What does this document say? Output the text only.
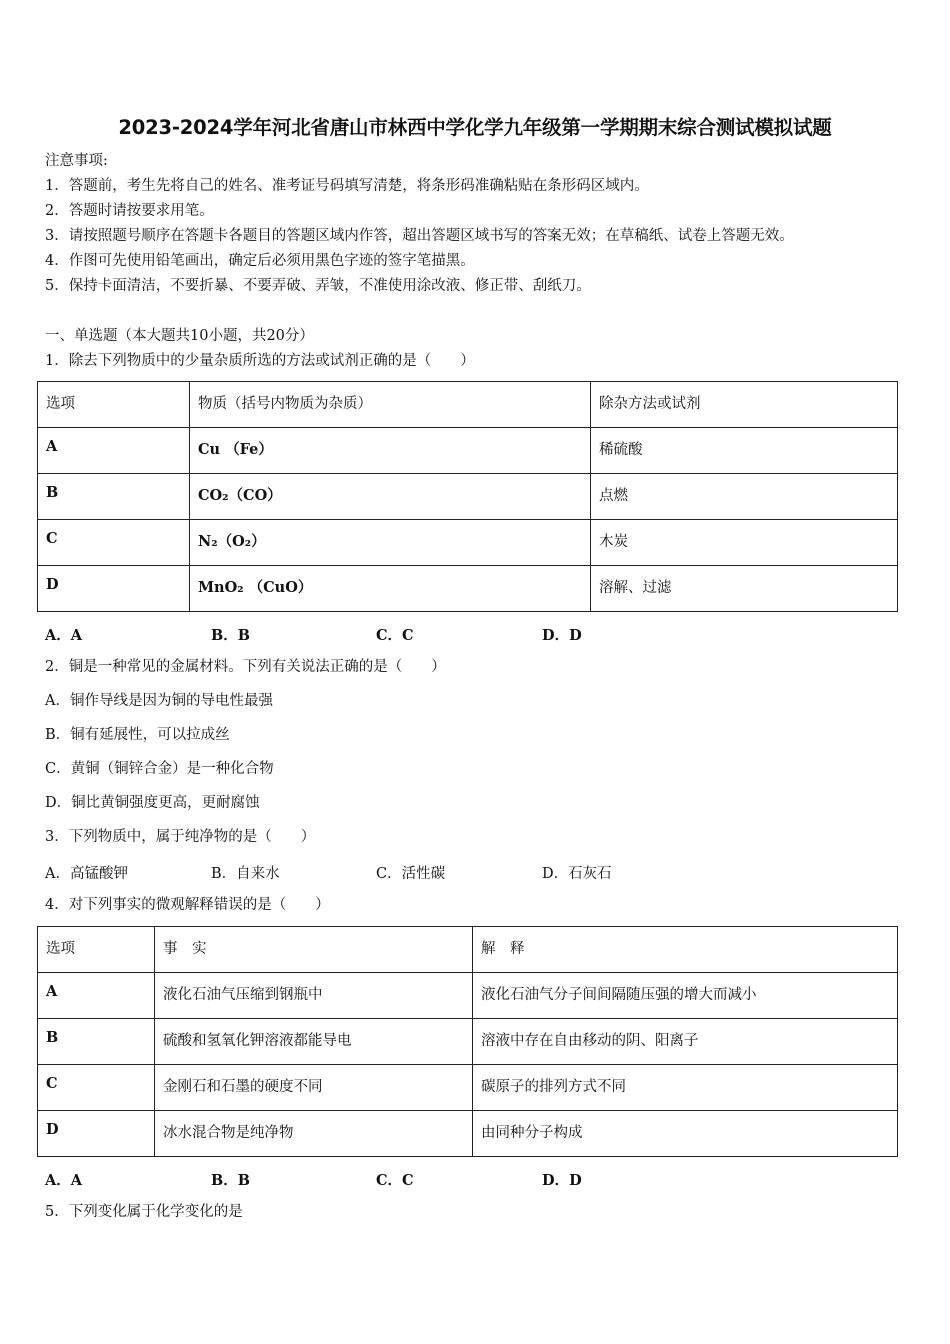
2023-2024学年河北省唐山市林西中学化学九年级第一学期期末综合测试模拟试题
注意事项:
1．答题前，考生先将自己的姓名、准考证号码填写清楚，将条形码准确粘贴在条形码区域内。
2．答题时请按要求用笔。
3．请按照题号顺序在答题卡各题目的答题区域内作答，超出答题区域书写的答案无效；在草稿纸、试卷上答题无效。
4．作图可先使用铅笔画出，确定后必须用黑色字迹的签字笔描黑。
5．保持卡面清洁，不要折暴、不要弄破、弄皱，不准使用涂改液、修正带、刮纸刀。
一、单选题（本大题共10小题，共20分）
1．除去下列物质中的少量杂质所选的方法或试剂正确的是（　　）
选项	物质（括号内物质为杂质）	除杂方法或试剂
A	Cu （Fe）	稀硫酸
B	CO₂（CO）	点燃
C	N₂（O₂）	木炭
D	MnO₂ （CuO）	溶解、过滤
A．A	B．B	C．C	D．D
2．铜是一种常见的金属材料。下列有关说法正确的是（　　）
A．铜作导线是因为铜的导电性最强
B．铜有延展性，可以拉成丝
C．黄铜（铜锌合金）是一种化合物
D．铜比黄铜强度更高，更耐腐蚀
3．下列物质中，属于纯净物的是（　　）
A．高锰酸钾	B．自来水	C．活性碳	D．石灰石
4．对下列事实的微观解释错误的是（　　）
选项	事　实	解　释
A	液化石油气压缩到钢瓶中	液化石油气分子间间隔随压强的增大而减小
B	硫酸和氢氧化钾溶液都能导电	溶液中存在自由移动的阴、阳离子
C	金刚石和石墨的硬度不同	碳原子的排列方式不同
D	冰水混合物是纯净物	由同种分子构成
A．A	B．B	C．C	D．D
5．下列变化属于化学变化的是
